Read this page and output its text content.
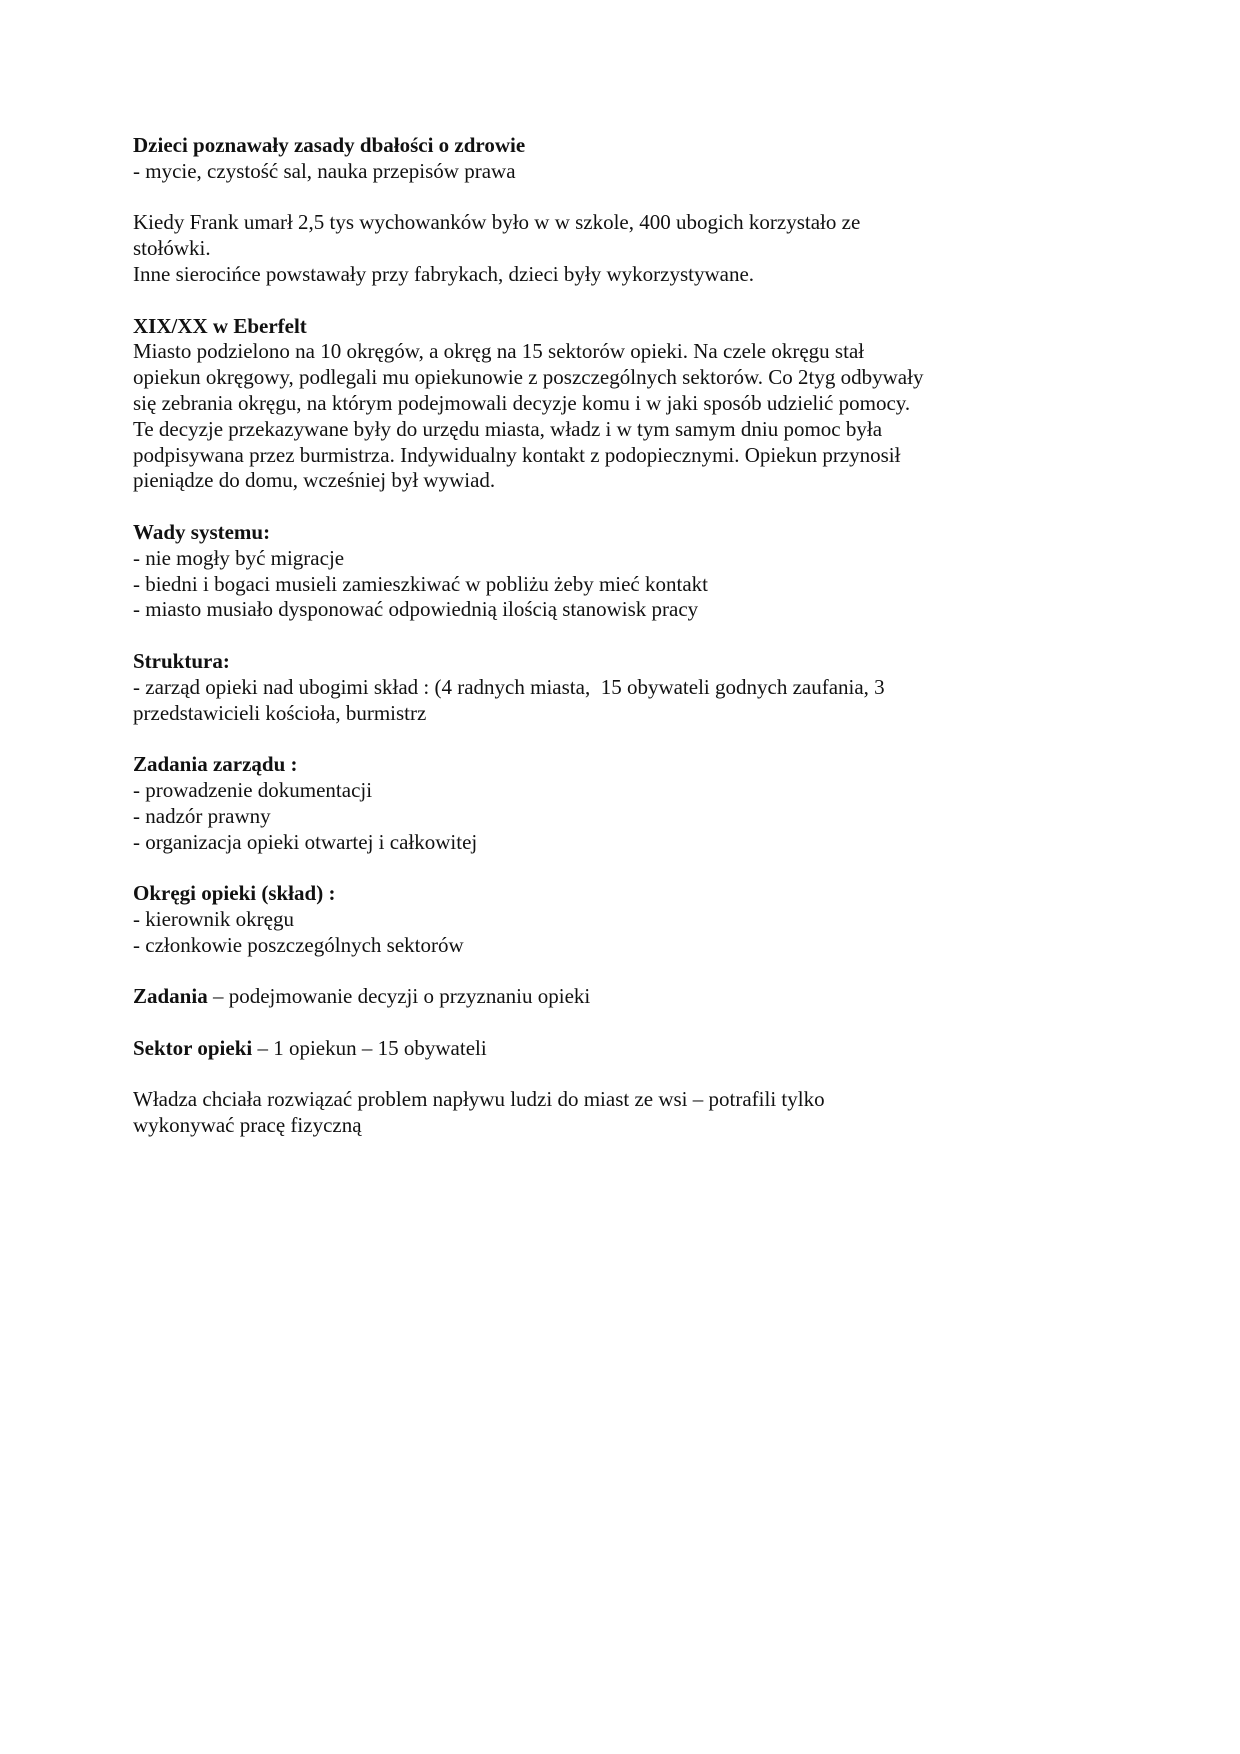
Dzieci poznawały zasady dbałości o zdrowie
- mycie, czystość sal, nauka przepisów prawa
Kiedy Frank umarł 2,5 tys wychowanków było w w szkole, 400 ubogich korzystało ze
stołówki.
Inne sierocińce powstawały przy fabrykach, dzieci były wykorzystywane.
XIX/XX w Eberfelt
Miasto podzielono na 10 okręgów, a okręg na 15 sektorów opieki. Na czele okręgu stał
opiekun okręgowy, podlegali mu opiekunowie z poszczególnych sektorów. Co 2tyg odbywały
się zebrania okręgu, na którym podejmowali decyzje komu i w jaki sposób udzielić pomocy.
Te decyzje przekazywane były do urzędu miasta, władz i w tym samym dniu pomoc była
podpisywana przez burmistrza. Indywidualny kontakt z podopiecznymi. Opiekun przynosił
pieniądze do domu, wcześniej był wywiad.
Wady systemu:
- nie mogły być migracje
- biedni i bogaci musieli zamieszkiwać w pobliżu żeby mieć kontakt
- miasto musiało dysponować odpowiednią ilością stanowisk pracy
Struktura:
- zarząd opieki nad ubogimi skład : (4 radnych miasta,  15 obywateli godnych zaufania, 3
przedstawicieli kościoła, burmistrz
Zadania zarządu :
- prowadzenie dokumentacji
- nadzór prawny
- organizacja opieki otwartej i całkowitej
Okręgi opieki (skład) :
- kierownik okręgu
- członkowie poszczególnych sektorów
Zadania – podejmowanie decyzji o przyznaniu opieki
Sektor opieki – 1 opiekun – 15 obywateli
Władza chciała rozwiązać problem napływu ludzi do miast ze wsi – potrafili tylko
wykonywać pracę fizyczną
